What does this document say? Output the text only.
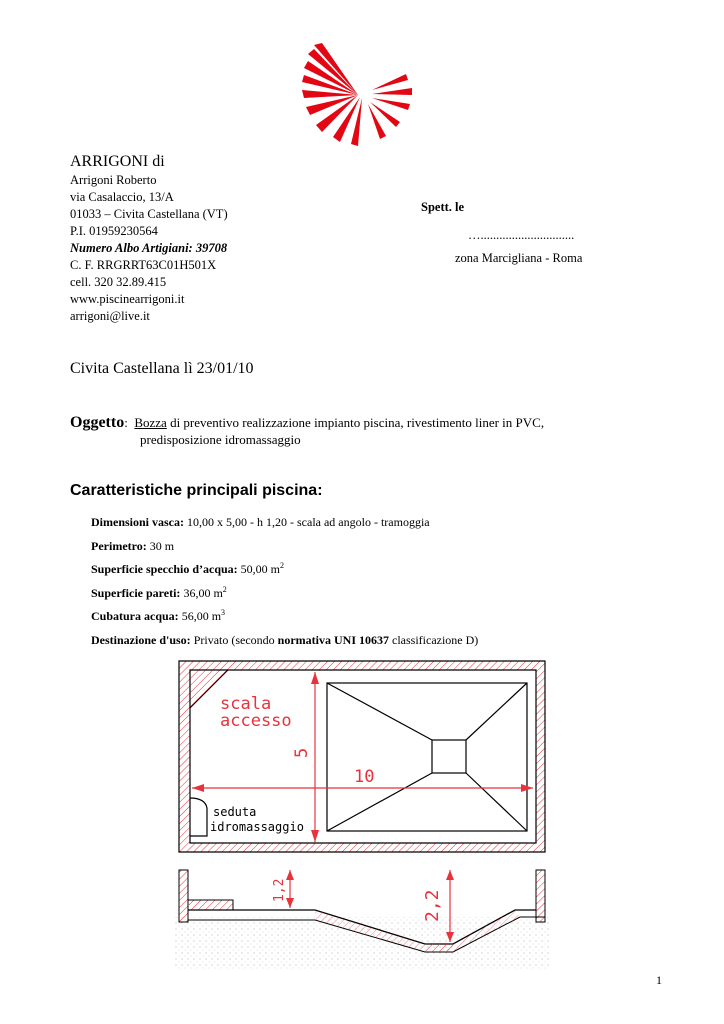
ARRIGONI di
Arrigoni Roberto
via Casalaccio, 13/A
01033 – Civita Castellana (VT)
P.I. 01959230564
Numero Albo Artigiani: 39708
C. F. RRGRRT63C01H501X
cell. 320 32.89.415
www.piscinearrigoni.it
arrigoni@live.it
Spett. le
…..............................
zona Marcigliana - Roma
Civita Castellana lì 23/01/10
Oggetto: Bozza di preventivo realizzazione impianto piscina, rivestimento liner in PVC,
predisposizione idromassaggio
Caratteristiche principali piscina:
Dimensioni vasca: 10,00 x 5,00 - h 1,20 - scala ad angolo - tramoggia
Perimetro: 30 m
Superficie specchio d’acqua: 50,00 $m^2$
Superficie pareti: 36,00 $m^2$
Cubatura acqua: 56,00 $m^3$
Destinazione d'uso: Privato (secondo normativa UNI 10637 classificazione D)
scala
accesso
5
10
seduta
idromassaggio
1,2	2,2
1
